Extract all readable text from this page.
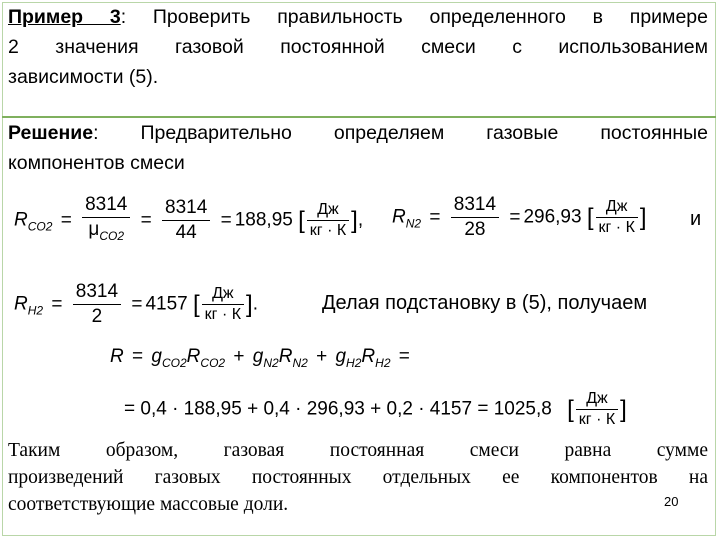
Пример 3: Проверить правильность определенного в примере
2 значения газовой постоянной смеси с использованием
зависимости (5).
Решение: Предварительно определяем газовые постоянные
компонентов смеси
$R_{CO2} = \frac{8314}{\mu_{CO2}} = \frac{8314}{44} = 188,95$ [ $\frac{Дж}{кг \cdot К}$ ], $R_{N2} = \frac{8314}{28} = 296,93$ [ $\frac{Дж}{кг \cdot К}$ ] и
$R_{H2} = \frac{8314}{2} = 4157$ [ $\frac{Дж}{кг \cdot К}$ ].	Делая подстановку в (5), получаем
$R = g_{CO2}R_{CO2} + g_{N2}R_{N2} + g_{H2}R_{H2}$ =
= 0,4 · 188,95 + 0,4 · 296,93 + 0,2 · 4157 = 1025,8 [ $\frac{Дж}{кг \cdot К}$ ]
Таким образом, газовая постоянная смеси равна сумме
произведений газовых постоянных отдельных ее компонентов на
соответствующие массовые доли.	20
